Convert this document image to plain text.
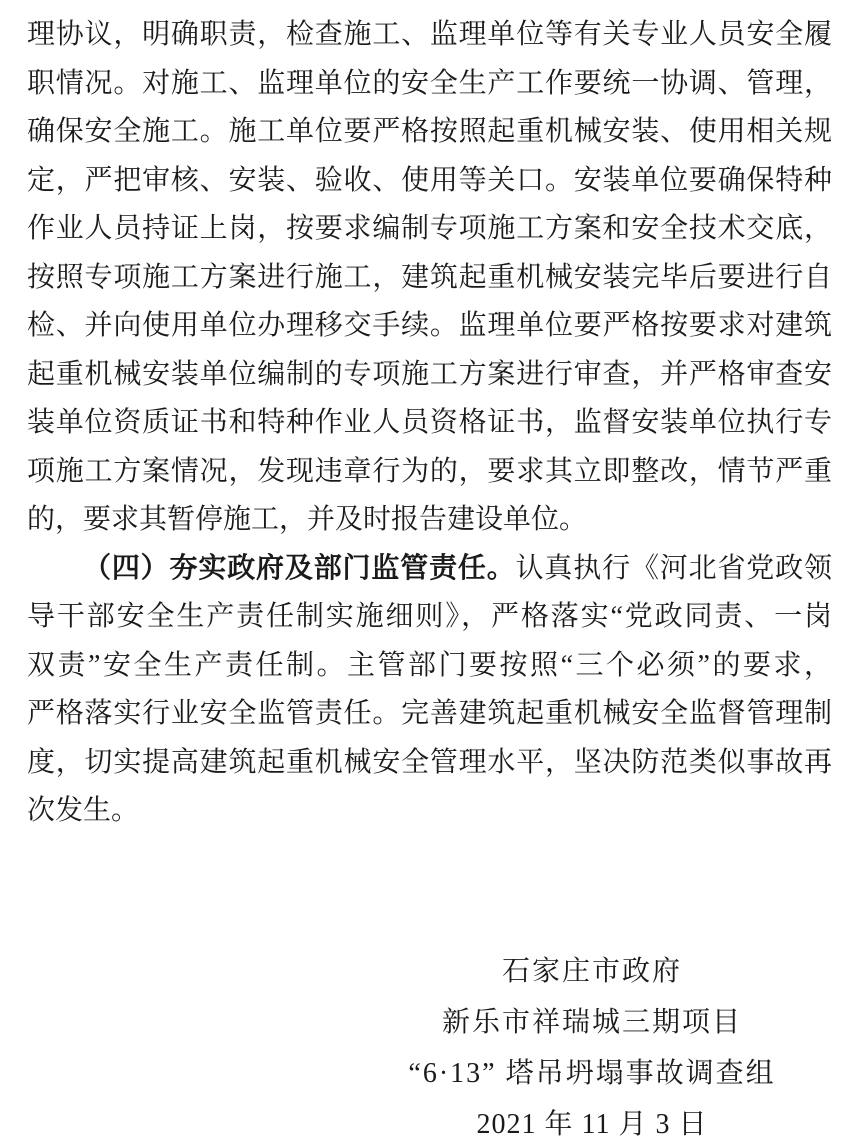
理协议，明确职责，检查施工、监理单位等有关专业人员安全履
职情况。对施工、监理单位的安全生产工作要统一协调、管理，
确保安全施工。施工单位要严格按照起重机械安装、使用相关规
定，严把审核、安装、验收、使用等关口。安装单位要确保特种
作业人员持证上岗，按要求编制专项施工方案和安全技术交底，
按照专项施工方案进行施工，建筑起重机械安装完毕后要进行自
检、并向使用单位办理移交手续。监理单位要严格按要求对建筑
起重机械安装单位编制的专项施工方案进行审查，并严格审查安
装单位资质证书和特种作业人员资格证书，监督安装单位执行专
项施工方案情况，发现违章行为的，要求其立即整改，情节严重
的，要求其暂停施工，并及时报告建设单位。
（四）夯实政府及部门监管责任。认真执行《河北省党政领
导干部安全生产责任制实施细则》，严格落实“党政同责、一岗
双责”安全生产责任制。主管部门要按照“三个必须”的要求，
严格落实行业安全监管责任。完善建筑起重机械安全监督管理制
度，切实提高建筑起重机械安全管理水平，坚决防范类似事故再
次发生。
石家庄市政府
新乐市祥瑞城三期项目
“6·13” 塔吊坍塌事故调查组
2021 年 11 月 3 日
